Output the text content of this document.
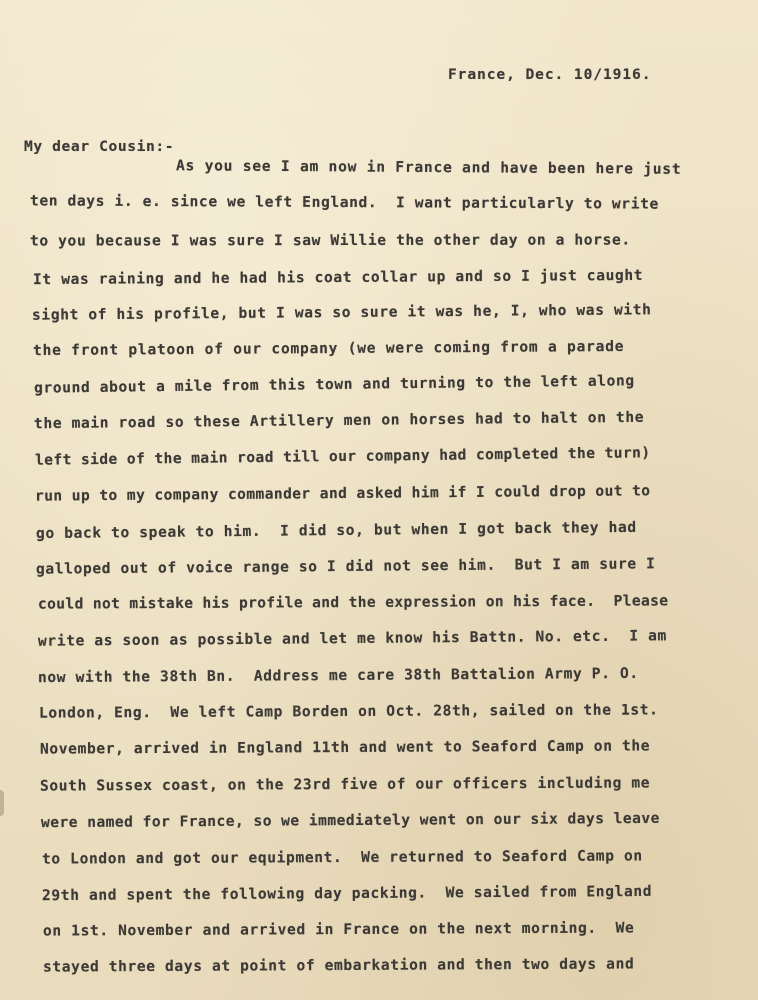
France, Dec. 10/1916.
My dear Cousin:-
As you see I am now in France and have been here just
ten days i. e. since we left England.  I want particularly to write
to you because I was sure I saw Willie the other day on a horse.
It was raining and he had his coat collar up and so I just caught
sight of his profile, but I was so sure it was he, I, who was with
the front platoon of our company (we were coming from a parade
ground about a mile from this town and turning to the left along
the main road so these Artillery men on horses had to halt on the
left side of the main road till our company had completed the turn)
run up to my company commander and asked him if I could drop out to
go back to speak to him.  I did so, but when I got back they had
galloped out of voice range so I did not see him.  But I am sure I
could not mistake his profile and the expression on his face.  Please
write as soon as possible and let me know his Battn. No. etc.  I am
now with the 38th Bn.  Address me care 38th Battalion Army P. O.
London, Eng.  We left Camp Borden on Oct. 28th, sailed on the 1st.
November, arrived in England 11th and went to Seaford Camp on the
South Sussex coast, on the 23rd five of our officers including me
were named for France, so we immediately went on our six days leave
to London and got our equipment.  We returned to Seaford Camp on
29th and spent the following day packing.  We sailed from England
on 1st. November and arrived in France on the next morning.  We
stayed three days at point of embarkation and then two days and
